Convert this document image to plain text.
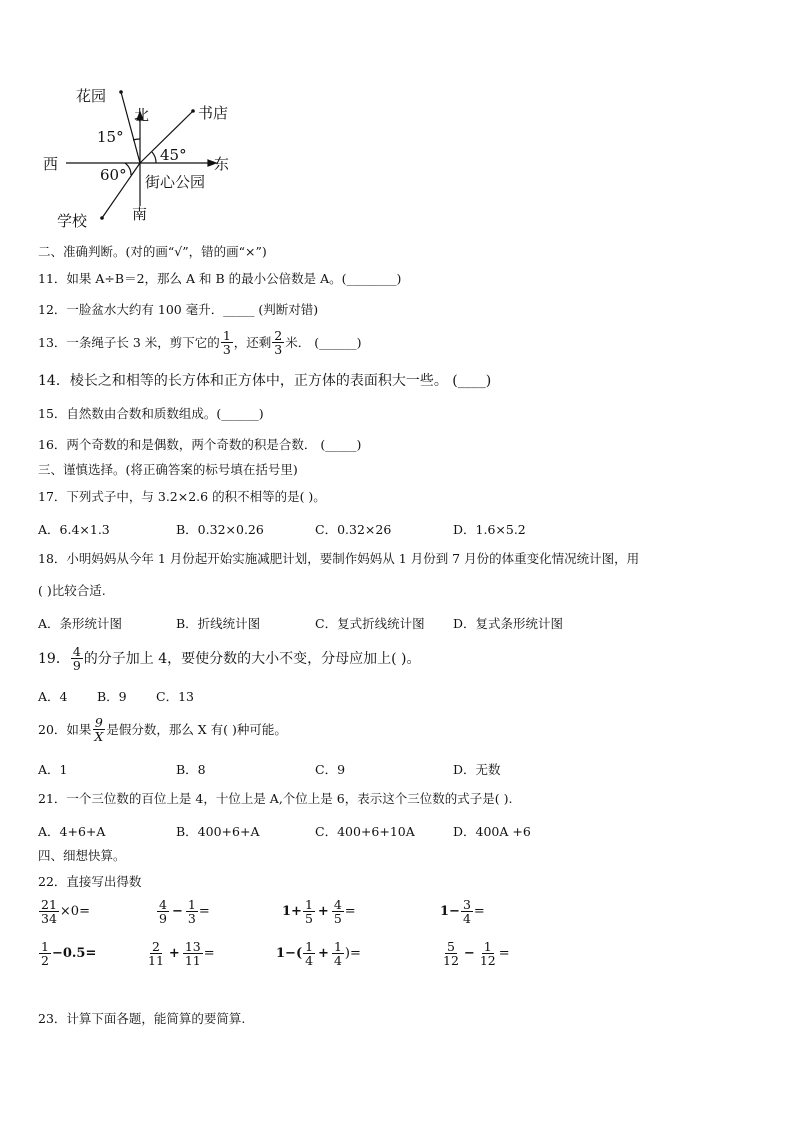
花园
北	书店
15°
45°
西	东
60° 街心公园
南
学校
二、准确判断。(对的画“√”，错的画“×”)
11．如果 A÷B＝2，那么 A 和 B 的最小公倍数是 A。(________)
12．一脸盆水大约有 100 毫升．_____ (判断对错)
13．一条绳子长 3 米，剪下它的 $\frac{1}{3}$ ，还剩 $\frac{2}{3}$ 米． (______)
14．棱长之和相等的长方体和正方体中，正方体的表面积大一些。 (____)
15．自然数由合数和质数组成。(______)
16．两个奇数的和是偶数，两个奇数的积是合数． (_____)
三、谨慎选择。(将正确答案的标号填在括号里)
17．下列式子中，与 3.2×2.6 的积不相等的是( )。
A．6.4×1.3	B．0.32×0.26	C．0.32×26	D．1.6×5.2
18．小明妈妈从今年 1 月份起开始实施减肥计划，要制作妈妈从 1 月份到 7 月份的体重变化情况统计图，用
( )比较合适.
A．条形统计图	B．折线统计图	C．复式折线统计图 D．复式条形统计图
19． $\frac{4}{9}$ 的分子加上 4，要使分数的大小不变，分母应加上( )。
A．4 B．9 C．13
20．如果 $\frac{9}{X}$ 是假分数，那么 X 有( )种可能。
A．1	B．8	C．9	D．无数
21．一个三位数的百位上是 4，十位上是 A,个位上是 6，表示这个三位数的式子是( ).
A．4+6+A	B．400+6+A	C．400+6+10A	D．400A +6
四、细想快算。
22．直接写出得数
$\frac{21}{34} \times 0=$	$\frac{4}{9} - \frac{1}{3}$ =	$1+ \frac{1}{5} + \frac{4}{5}$ =	$1- \frac{3}{4}$ =
$\frac{1}{2} -0.5=$	$\frac{2}{11} + \frac{13}{11}$ =	$1-( \frac{1}{4} + \frac{1}{4}$ )=	$\frac{5}{12} - \frac{1}{12}$ =
23．计算下面各题，能简算的要简算.
